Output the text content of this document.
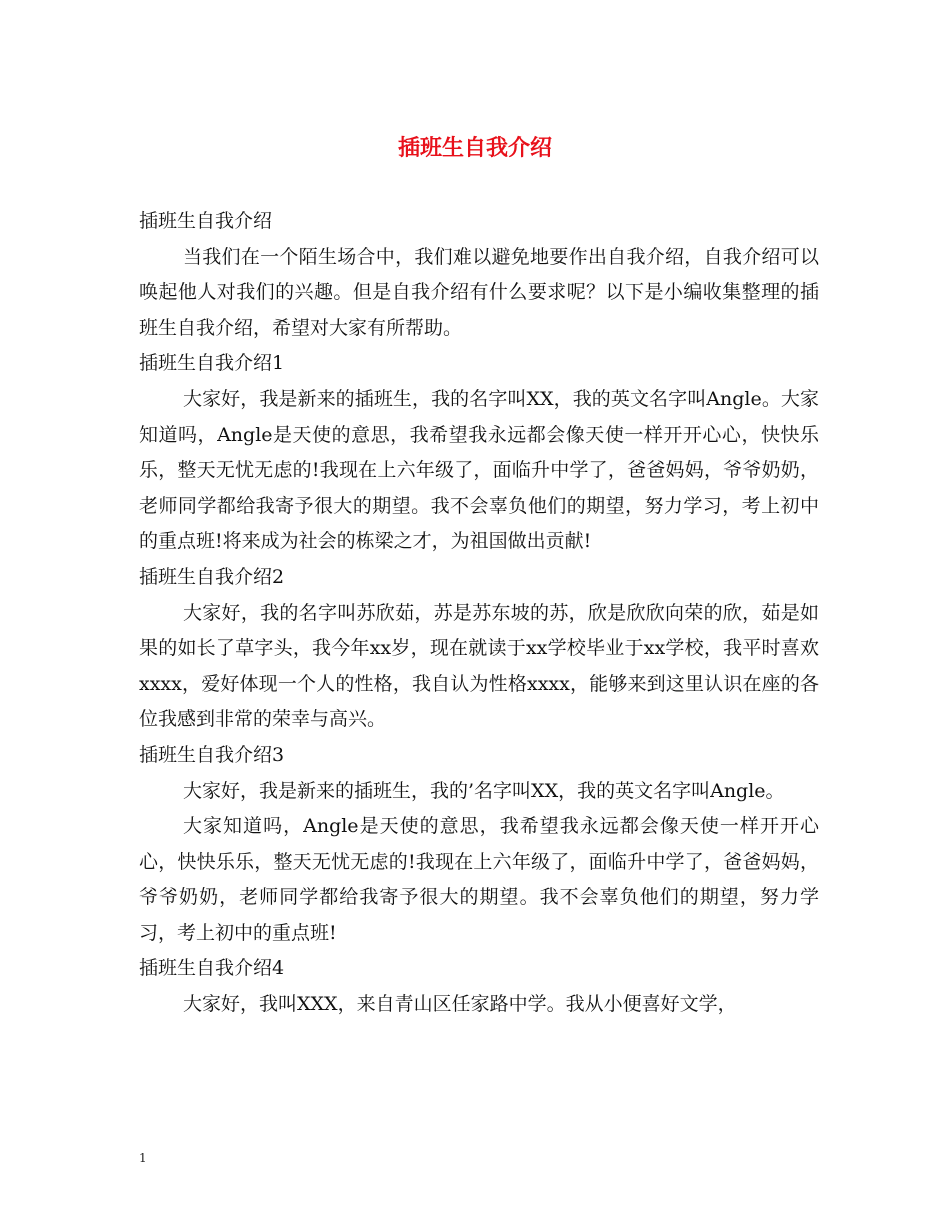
插班生自我介绍

插班生自我介绍

当我们在一个陌生场合中，我们难以避免地要作出自我介绍，自我介绍可以唤起他人对我们的兴趣。但是自我介绍有什么要求呢？以下是小编收集整理的插班生自我介绍，希望对大家有所帮助。

插班生自我介绍1

大家好，我是新来的插班生，我的名字叫XX，我的英文名字叫Angle。大家知道吗，Angle是天使的意思，我希望我永远都会像天使一样开开心心，快快乐乐，整天无忧无虑的!我现在上六年级了，面临升中学了，爸爸妈妈，爷爷奶奶，老师同学都给我寄予很大的期望。我不会辜负他们的期望，努力学习，考上初中的重点班!将来成为社会的栋梁之才，为祖国做出贡献!

插班生自我介绍2

大家好，我的名字叫苏欣茹，苏是苏东坡的苏，欣是欣欣向荣的欣，茹是如果的如长了草字头，我今年xx岁，现在就读于xx学校毕业于xx学校，我平时喜欢xxxx，爱好体现一个人的性格，我自认为性格xxxx，能够来到这里认识在座的各位我感到非常的荣幸与高兴。

插班生自我介绍3

大家好，我是新来的插班生，我的’名字叫XX，我的英文名字叫Angle。

大家知道吗，Angle是天使的意思，我希望我永远都会像天使一样开开心心，快快乐乐，整天无忧无虑的!我现在上六年级了，面临升中学了，爸爸妈妈，爷爷奶奶，老师同学都给我寄予很大的期望。我不会辜负他们的期望，努力学习，考上初中的重点班!

插班生自我介绍4

大家好，我叫XXX，来自青山区任家路中学。我从小便喜好文学，

1
